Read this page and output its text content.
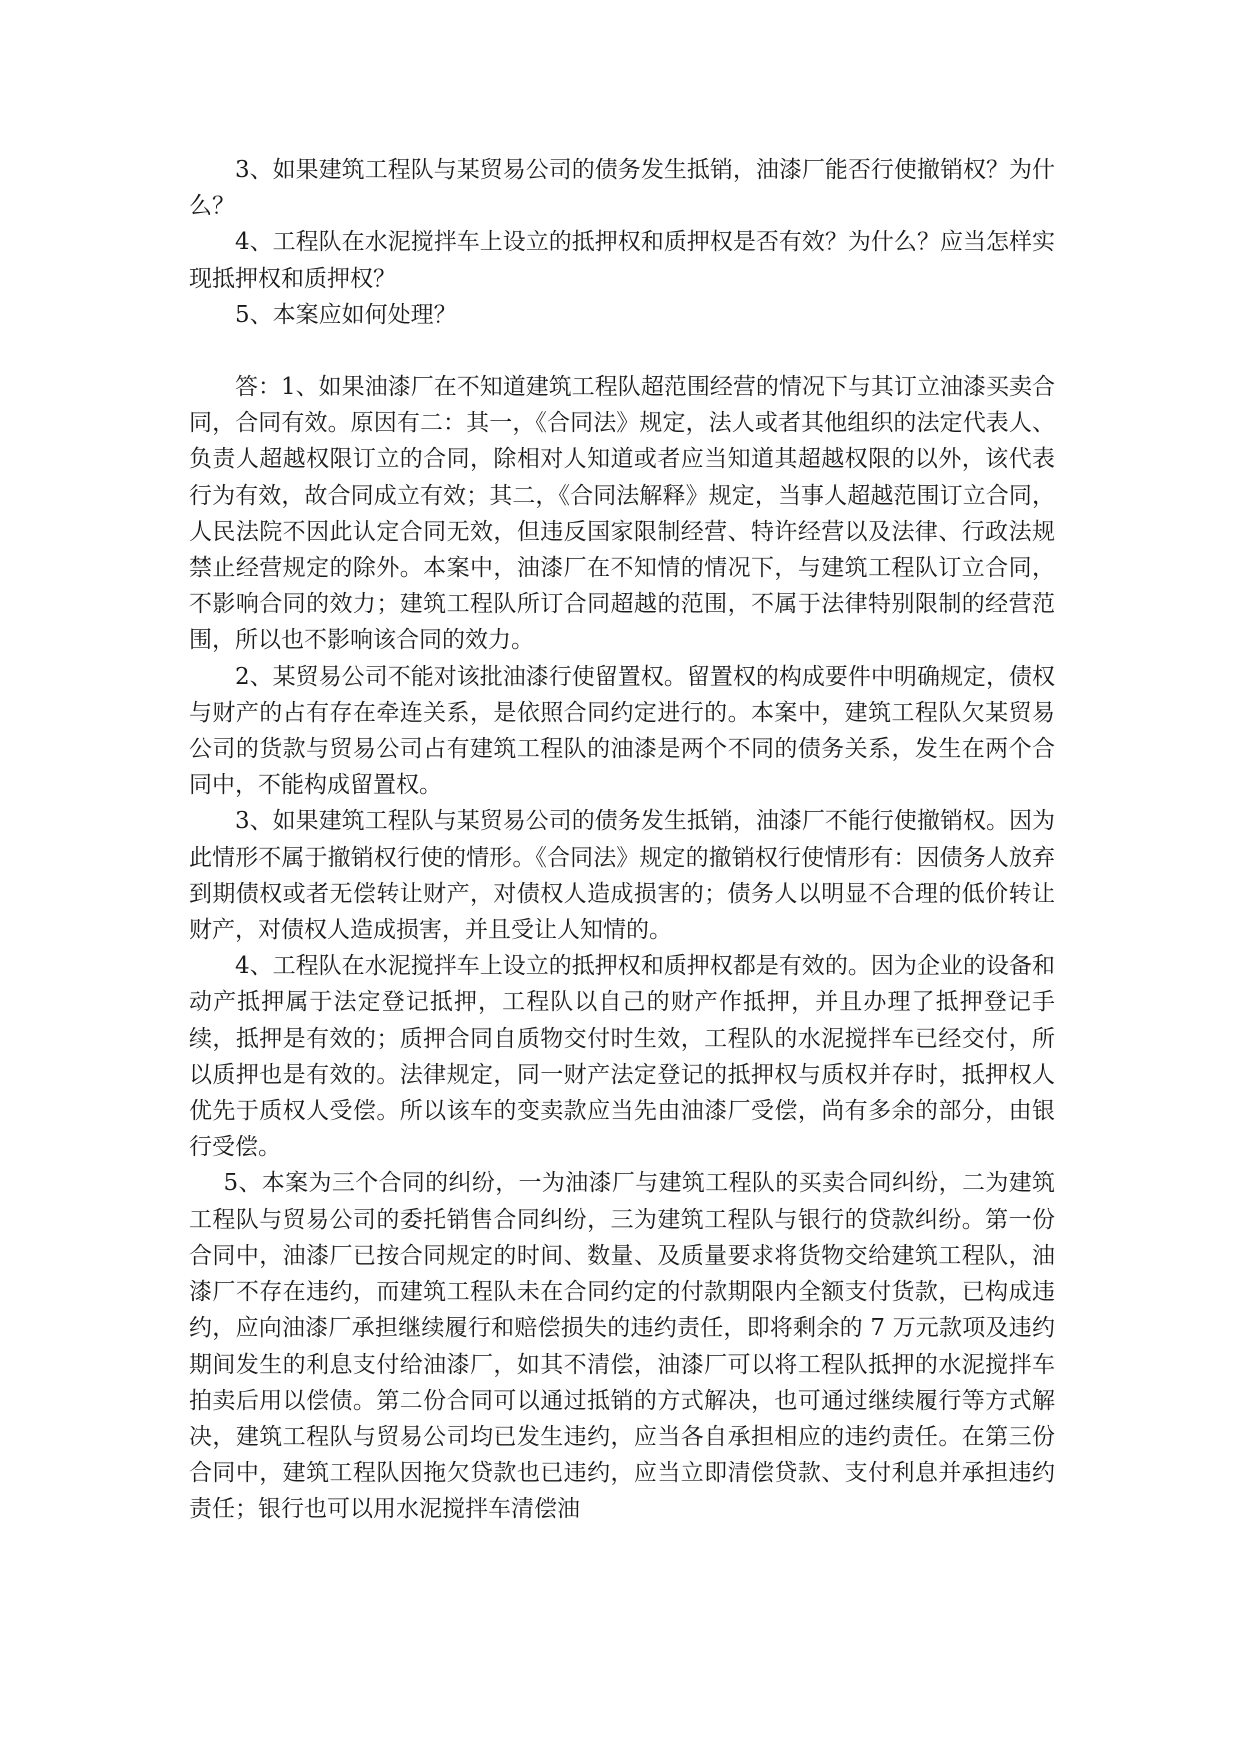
3、如果建筑工程队与某贸易公司的债务发生抵销，油漆厂能否行使撤销权？为什么？

4、工程队在水泥搅拌车上设立的抵押权和质押权是否有效？为什么？应当怎样实现抵押权和质押权？

5、本案应如何处理？

答：1、如果油漆厂在不知道建筑工程队超范围经营的情况下与其订立油漆买卖合同，合同有效。原因有二：其一，《合同法》规定，法人或者其他组织的法定代表人、负责人超越权限订立的合同，除相对人知道或者应当知道其超越权限的以外，该代表行为有效，故合同成立有效；其二，《合同法解释》规定，当事人超越范围订立合同，人民法院不因此认定合同无效，但违反国家限制经营、特许经营以及法律、行政法规禁止经营规定的除外。本案中，油漆厂在不知情的情况下，与建筑工程队订立合同，不影响合同的效力；建筑工程队所订合同超越的范围，不属于法律特别限制的经营范围，所以也不影响该合同的效力。

2、某贸易公司不能对该批油漆行使留置权。留置权的构成要件中明确规定，债权与财产的占有存在牵连关系，是依照合同约定进行的。本案中，建筑工程队欠某贸易公司的货款与贸易公司占有建筑工程队的油漆是两个不同的债务关系，发生在两个合同中，不能构成留置权。

3、如果建筑工程队与某贸易公司的债务发生抵销，油漆厂不能行使撤销权。因为此情形不属于撤销权行使的情形。《合同法》规定的撤销权行使情形有：因债务人放弃到期债权或者无偿转让财产，对债权人造成损害的；债务人以明显不合理的低价转让财产，对债权人造成损害，并且受让人知情的。

4、工程队在水泥搅拌车上设立的抵押权和质押权都是有效的。因为企业的设备和动产抵押属于法定登记抵押，工程队以自己的财产作抵押，并且办理了抵押登记手续，抵押是有效的；质押合同自质物交付时生效，工程队的水泥搅拌车已经交付，所以质押也是有效的。法律规定，同一财产法定登记的抵押权与质权并存时，抵押权人优先于质权人受偿。所以该车的变卖款应当先由油漆厂受偿，尚有多余的部分，由银行受偿。

5、本案为三个合同的纠纷，一为油漆厂与建筑工程队的买卖合同纠纷，二为建筑工程队与贸易公司的委托销售合同纠纷，三为建筑工程队与银行的贷款纠纷。第一份合同中，油漆厂已按合同规定的时间、数量、及质量要求将货物交给建筑工程队，油漆厂不存在违约，而建筑工程队未在合同约定的付款期限内全额支付货款，已构成违约，应向油漆厂承担继续履行和赔偿损失的违约责任，即将剩余的 7 万元款项及违约期间发生的利息支付给油漆厂，如其不清偿，油漆厂可以将工程队抵押的水泥搅拌车拍卖后用以偿债。第二份合同可以通过抵销的方式解决，也可通过继续履行等方式解决，建筑工程队与贸易公司均已发生违约，应当各自承担相应的违约责任。在第三份合同中，建筑工程队因拖欠贷款也已违约，应当立即清偿贷款、支付利息并承担违约责任；银行也可以用水泥搅拌车清偿油
